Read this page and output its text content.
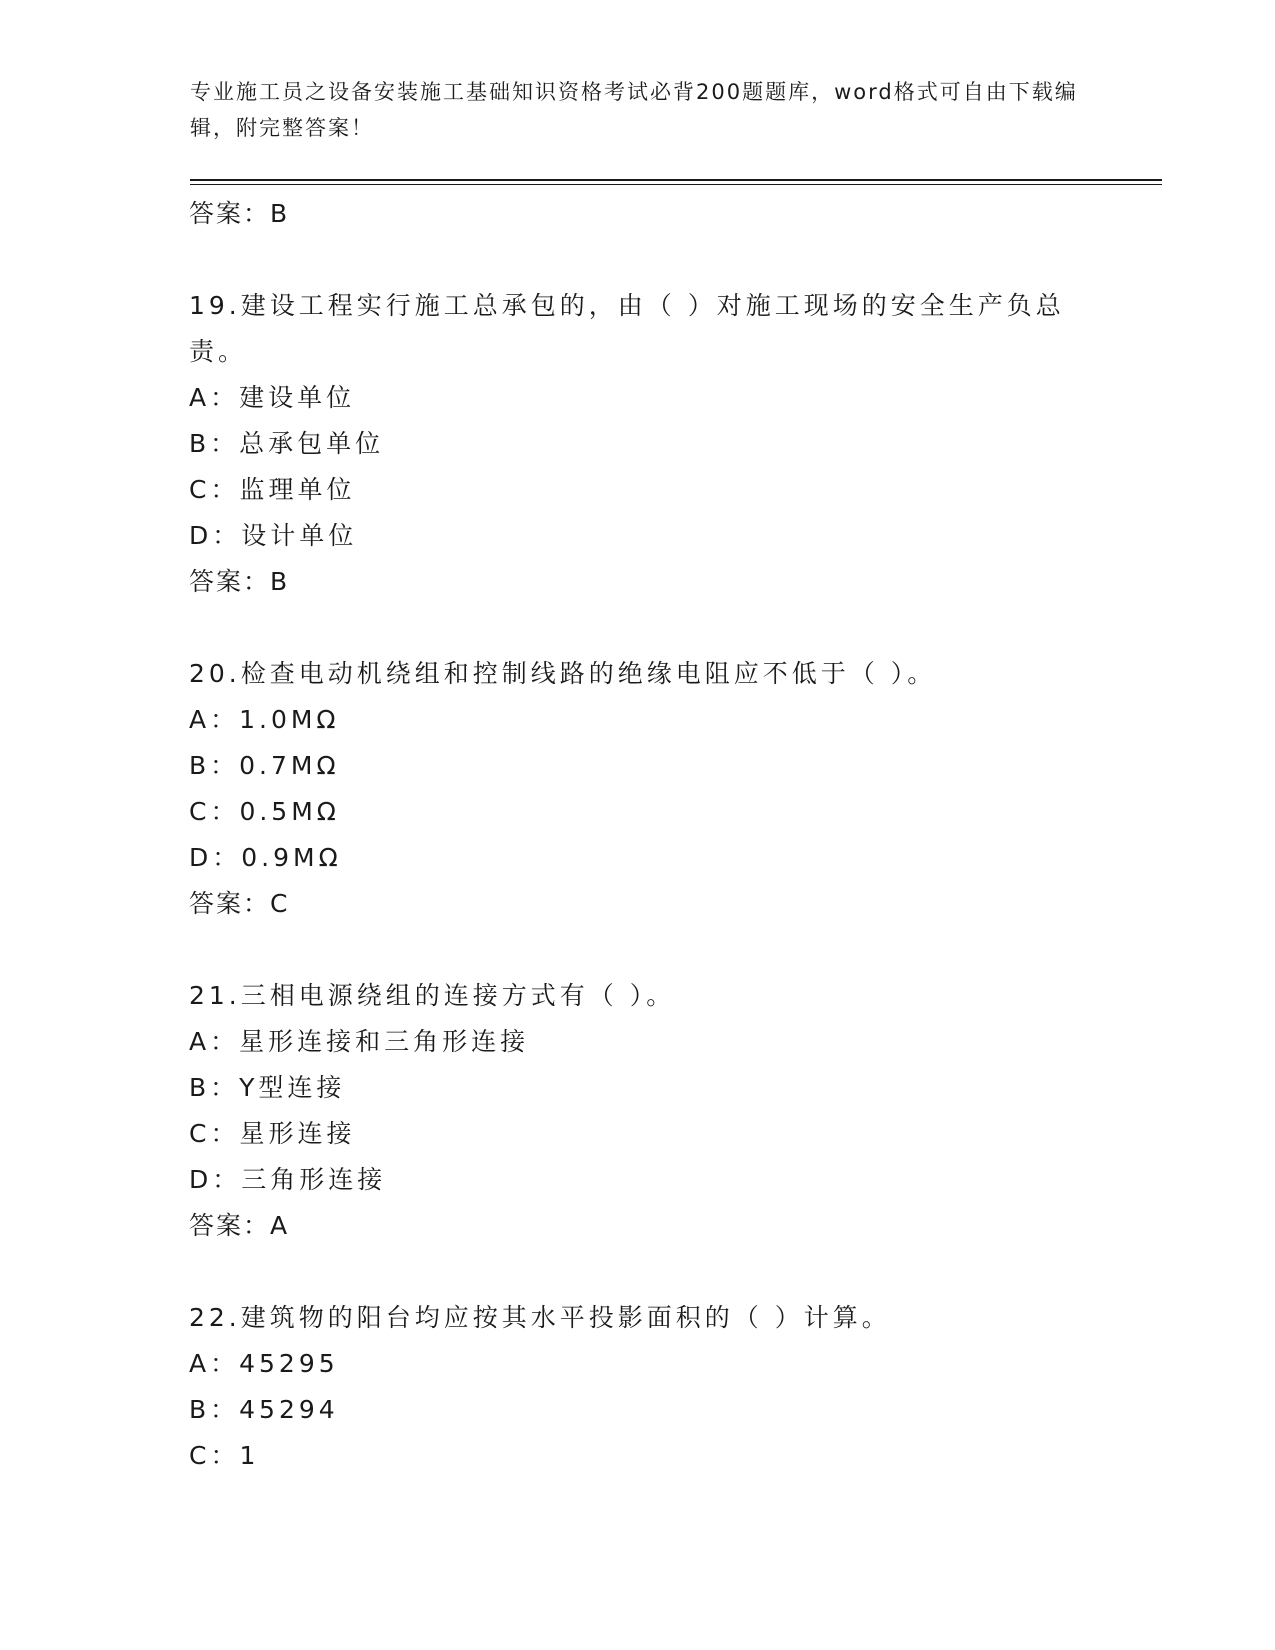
专业施工员之设备安装施工基础知识资格考试必背200题题库，word格式可自由下载编辑，附完整答案！

答案：B

19.建设工程实行施工总承包的，由（ ）对施工现场的安全生产负总责。

A：建设单位

B：总承包单位

C：监理单位

D：设计单位

答案：B

20.检查电动机绕组和控制线路的绝缘电阻应不低于（ ）。

A：1.0MΩ

B：0.7MΩ

C：0.5MΩ

D：0.9MΩ

答案：C

21.三相电源绕组的连接方式有（ ）。

A：星形连接和三角形连接

B：Y型连接

C：星形连接

D：三角形连接

答案：A

22.建筑物的阳台均应按其水平投影面积的（ ）计算。

A：45295

B：45294

C：1
